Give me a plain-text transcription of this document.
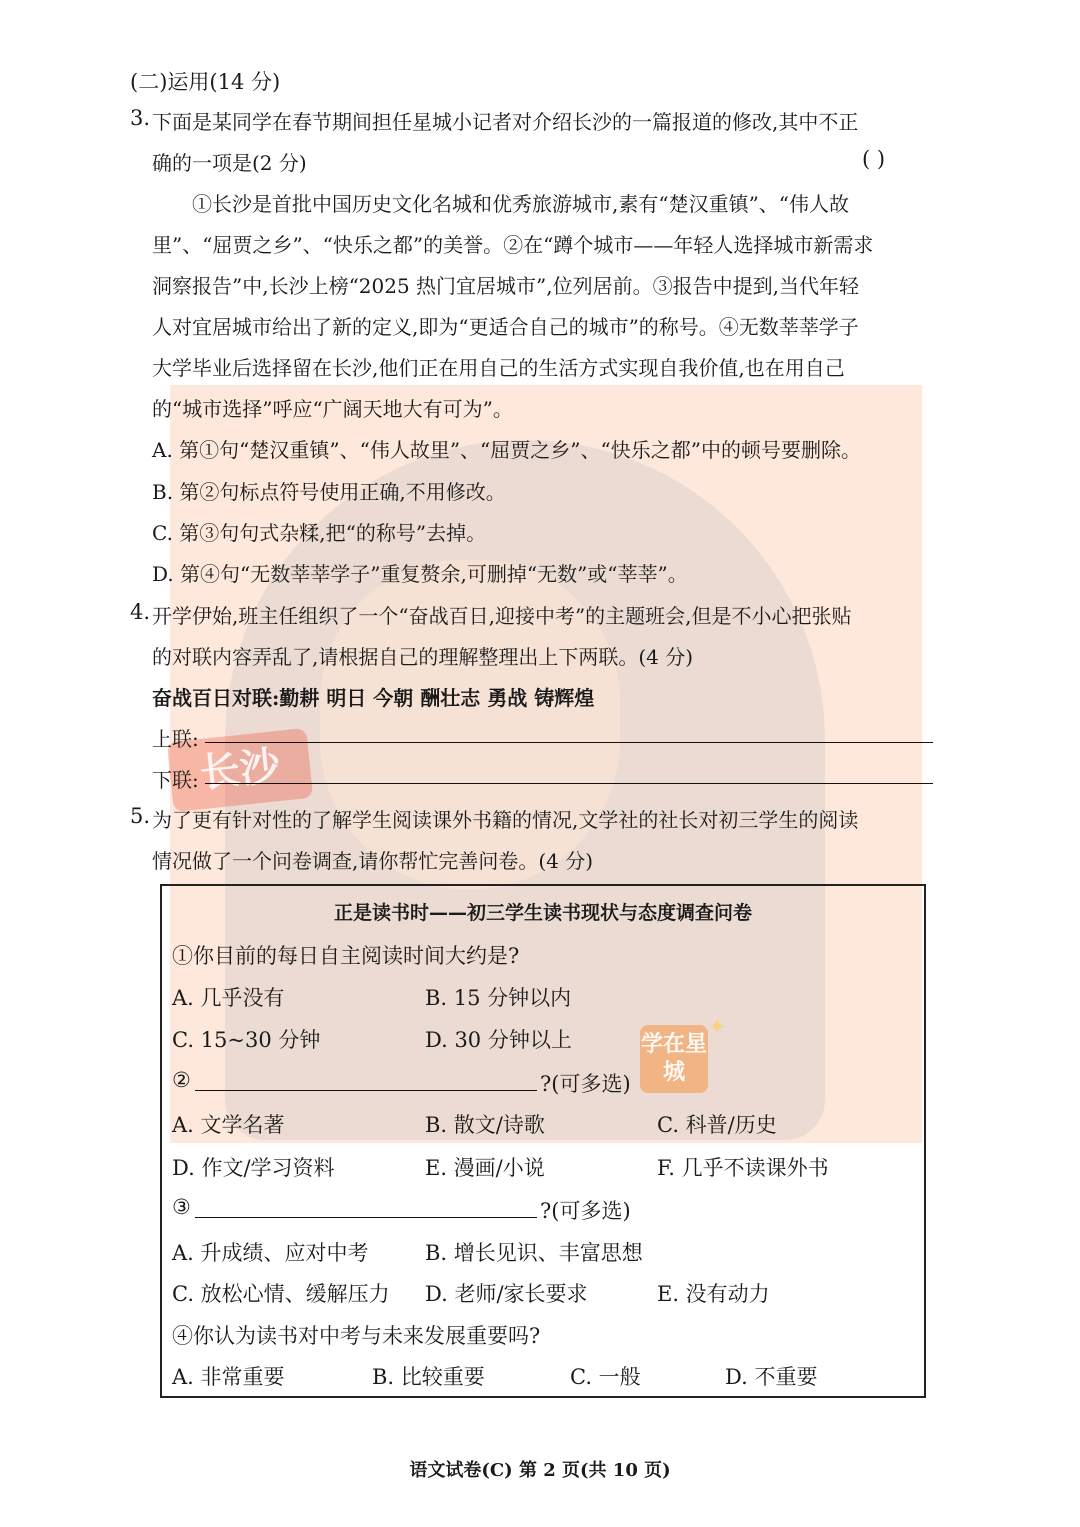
长沙
学在星城
✦
(二)运用(14 分)
3. 下面是某同学在春节期间担任星城小记者对介绍长沙的一篇报道的修改,其中不正
确的一项是(2 分)	( )
①长沙是首批中国历史文化名城和优秀旅游城市,素有“楚汉重镇”、“伟人故
里”、“屈贾之乡”、“快乐之都”的美誉。②在“蹲个城市——年轻人选择城市新需求
洞察报告”中,长沙上榜“2025 热门宜居城市”,位列居前。③报告中提到,当代年轻
人对宜居城市给出了新的定义,即为“更适合自己的城市”的称号。④无数莘莘学子
大学毕业后选择留在长沙,他们正在用自己的生活方式实现自我价值,也在用自己
的“城市选择”呼应“广阔天地大有可为”。
A. 第①句“楚汉重镇”、“伟人故里”、“屈贾之乡”、“快乐之都”中的顿号要删除。
B. 第②句标点符号使用正确,不用修改。
C. 第③句句式杂糅,把“的称号”去掉。
D. 第④句“无数莘莘学子”重复赘余,可删掉“无数”或“莘莘”。
4. 开学伊始,班主任组织了一个“奋战百日,迎接中考”的主题班会,但是不小心把张贴
的对联内容弄乱了,请根据自己的理解整理出上下两联。(4 分)
奋战百日对联:勤耕 明日 今朝 酬壮志 勇战 铸辉煌
上联:
下联:
5. 为了更有针对性的了解学生阅读课外书籍的情况,文学社的社长对初三学生的阅读
情况做了一个问卷调查,请你帮忙完善问卷。(4 分)
正是读书时——初三学生读书现状与态度调查问卷
①你目前的每日自主阅读时间大约是?
A. 几乎没有	B. 15 分钟以内
C. 15~30 分钟	D. 30 分钟以上
②	?(可多选)
A. 文学名著	B. 散文/诗歌	C. 科普/历史
D. 作文/学习资料	E. 漫画/小说	F. 几乎不读课外书
③	?(可多选)
A. 升成绩、应对中考	B. 增长见识、丰富思想
C. 放松心情、缓解压力 D. 老师/家长要求	E. 没有动力
④你认为读书对中考与未来发展重要吗?
A. 非常重要	B. 比较重要	C. 一般	D. 不重要
语文试卷(C) 第 2 页(共 10 页)
